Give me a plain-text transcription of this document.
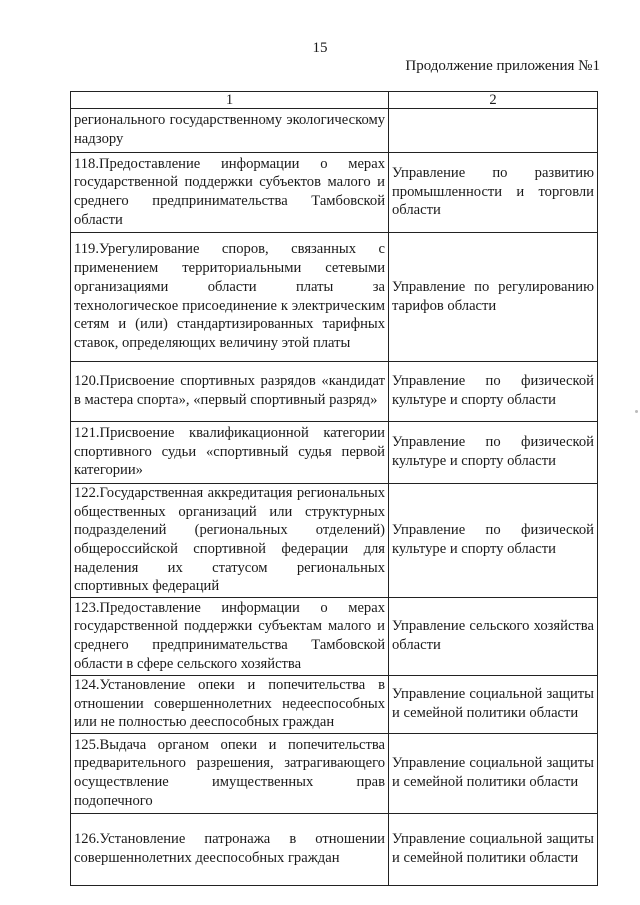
15
Продолжение приложения №1
1	2
регионального государственному экологическому надзору	
118.Предоставление информации о мерах государственной поддержки субъектов малого и среднего предпринимательства Тамбовской области	Управление по развитию промышленности и торговли области
119.Урегулирование споров, связанных с применением территориальными сетевыми организациями области платы за технологическое присоединение к электрическим сетям и (или) стандартизированных тарифных ставок, определяющих величину этой платы	Управление по регулированию тарифов области
120.Присвоение спортивных разрядов «кандидат в мастера спорта», «первый спортивный разряд»	Управление по физической культуре и спорту области
121.Присвоение квалификационной категории спортивного судьи «спортивный судья первой категории»	Управление по физической культуре и спорту области
122.Государственная аккредитация региональных общественных организаций или структурных подразделений (региональных отделений) общероссийской спортивной федерации для наделения их статусом региональных спортивных федераций	Управление по физической культуре и спорту области
123.Предоставление информации о мерах государственной поддержки субъектам малого и среднего предпринимательства Тамбовской области в сфере сельского хозяйства	Управление сельского хозяйства области
124.Установление опеки и попечительства в отношении совершеннолетних недееспособных или не полностью дееспособных граждан	Управление социальной защиты и семейной политики области
125.Выдача органом опеки и попечительства предварительного разрешения, затрагивающего осуществление имущественных прав подопечного	Управление социальной защиты и семейной политики области
126.Установление патронажа в отношении совершеннолетних дееспособных граждан	Управление социальной защиты и семейной политики области
